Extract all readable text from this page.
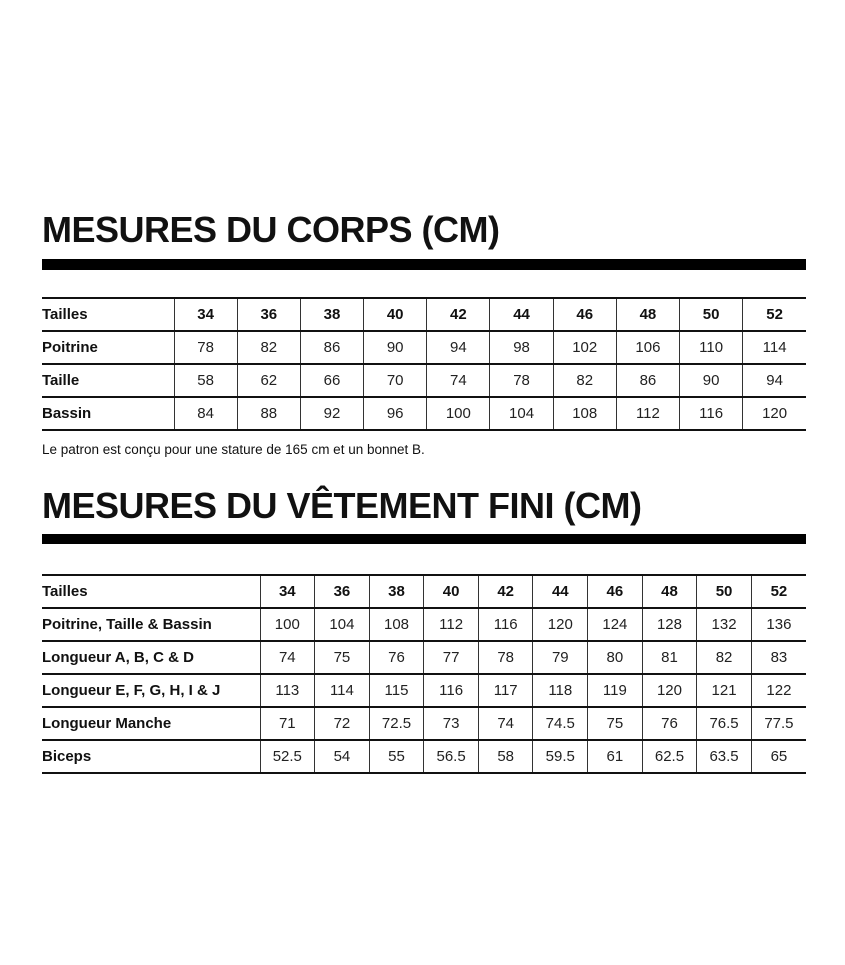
MESURES DU CORPS (CM)
Tailles	34	36	38	40	42	44	46	48	50	52
Poitrine	78	82	86	90	94	98	102	106	110	114
Taille	58	62	66	70	74	78	82	86	90	94
Bassin	84	88	92	96	100	104	108	112	116	120
Le patron est conçu pour une stature de 165 cm et un bonnet B.
MESURES DU VÊTEMENT FINI (CM)
Tailles	34	36	38	40	42	44	46	48	50	52
Poitrine, Taille & Bassin	100	104	108	112	116	120	124	128	132	136
Longueur A, B, C & D	74	75	76	77	78	79	80	81	82	83
Longueur E, F, G, H, I & J	113	114	115	116	117	118	119	120	121	122
Longueur Manche	71	72	72.5	73	74	74.5	75	76	76.5	77.5
Biceps	52.5	54	55	56.5	58	59.5	61	62.5	63.5	65
